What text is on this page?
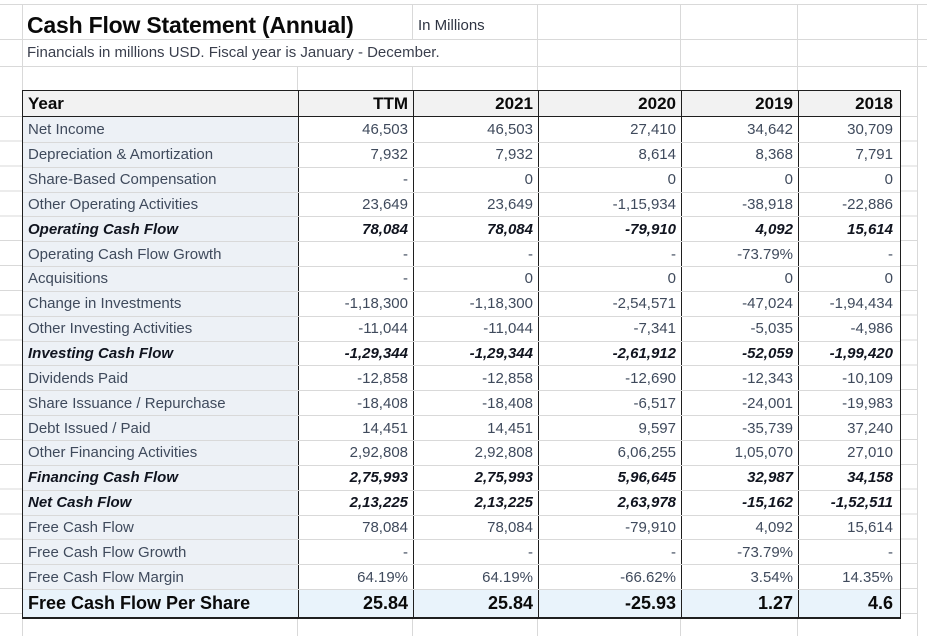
Cash Flow Statement (Annual)	In Millions
Financials in millions USD. Fiscal year is January - December.
Year	TTM	2021	2020	2019	2018
Net Income	46,503	46,503	27,410	34,642	30,709
Depreciation & Amortization	7,932	7,932	8,614	8,368	7,791
Share-Based Compensation	-	0	0	0	0
Other Operating Activities	23,649	23,649	-1,15,934	-38,918	-22,886
Operating Cash Flow	78,084	78,084	-79,910	4,092	15,614
Operating Cash Flow Growth	-	-	-	-73.79%	-
Acquisitions	-	0	0	0	0
Change in Investments	-1,18,300	-1,18,300	-2,54,571	-47,024	-1,94,434
Other Investing Activities	-11,044	-11,044	-7,341	-5,035	-4,986
Investing Cash Flow	-1,29,344	-1,29,344	-2,61,912	-52,059	-1,99,420
Dividends Paid	-12,858	-12,858	-12,690	-12,343	-10,109
Share Issuance / Repurchase	-18,408	-18,408	-6,517	-24,001	-19,983
Debt Issued / Paid	14,451	14,451	9,597	-35,739	37,240
Other Financing Activities	2,92,808	2,92,808	6,06,255	1,05,070	27,010
Financing Cash Flow	2,75,993	2,75,993	5,96,645	32,987	34,158
Net Cash Flow	2,13,225	2,13,225	2,63,978	-15,162	-1,52,511
Free Cash Flow	78,084	78,084	-79,910	4,092	15,614
Free Cash Flow Growth	-	-	-	-73.79%	-
Free Cash Flow Margin	64.19%	64.19%	-66.62%	3.54%	14.35%
Free Cash Flow Per Share	25.84	25.84	-25.93	1.27	4.6
